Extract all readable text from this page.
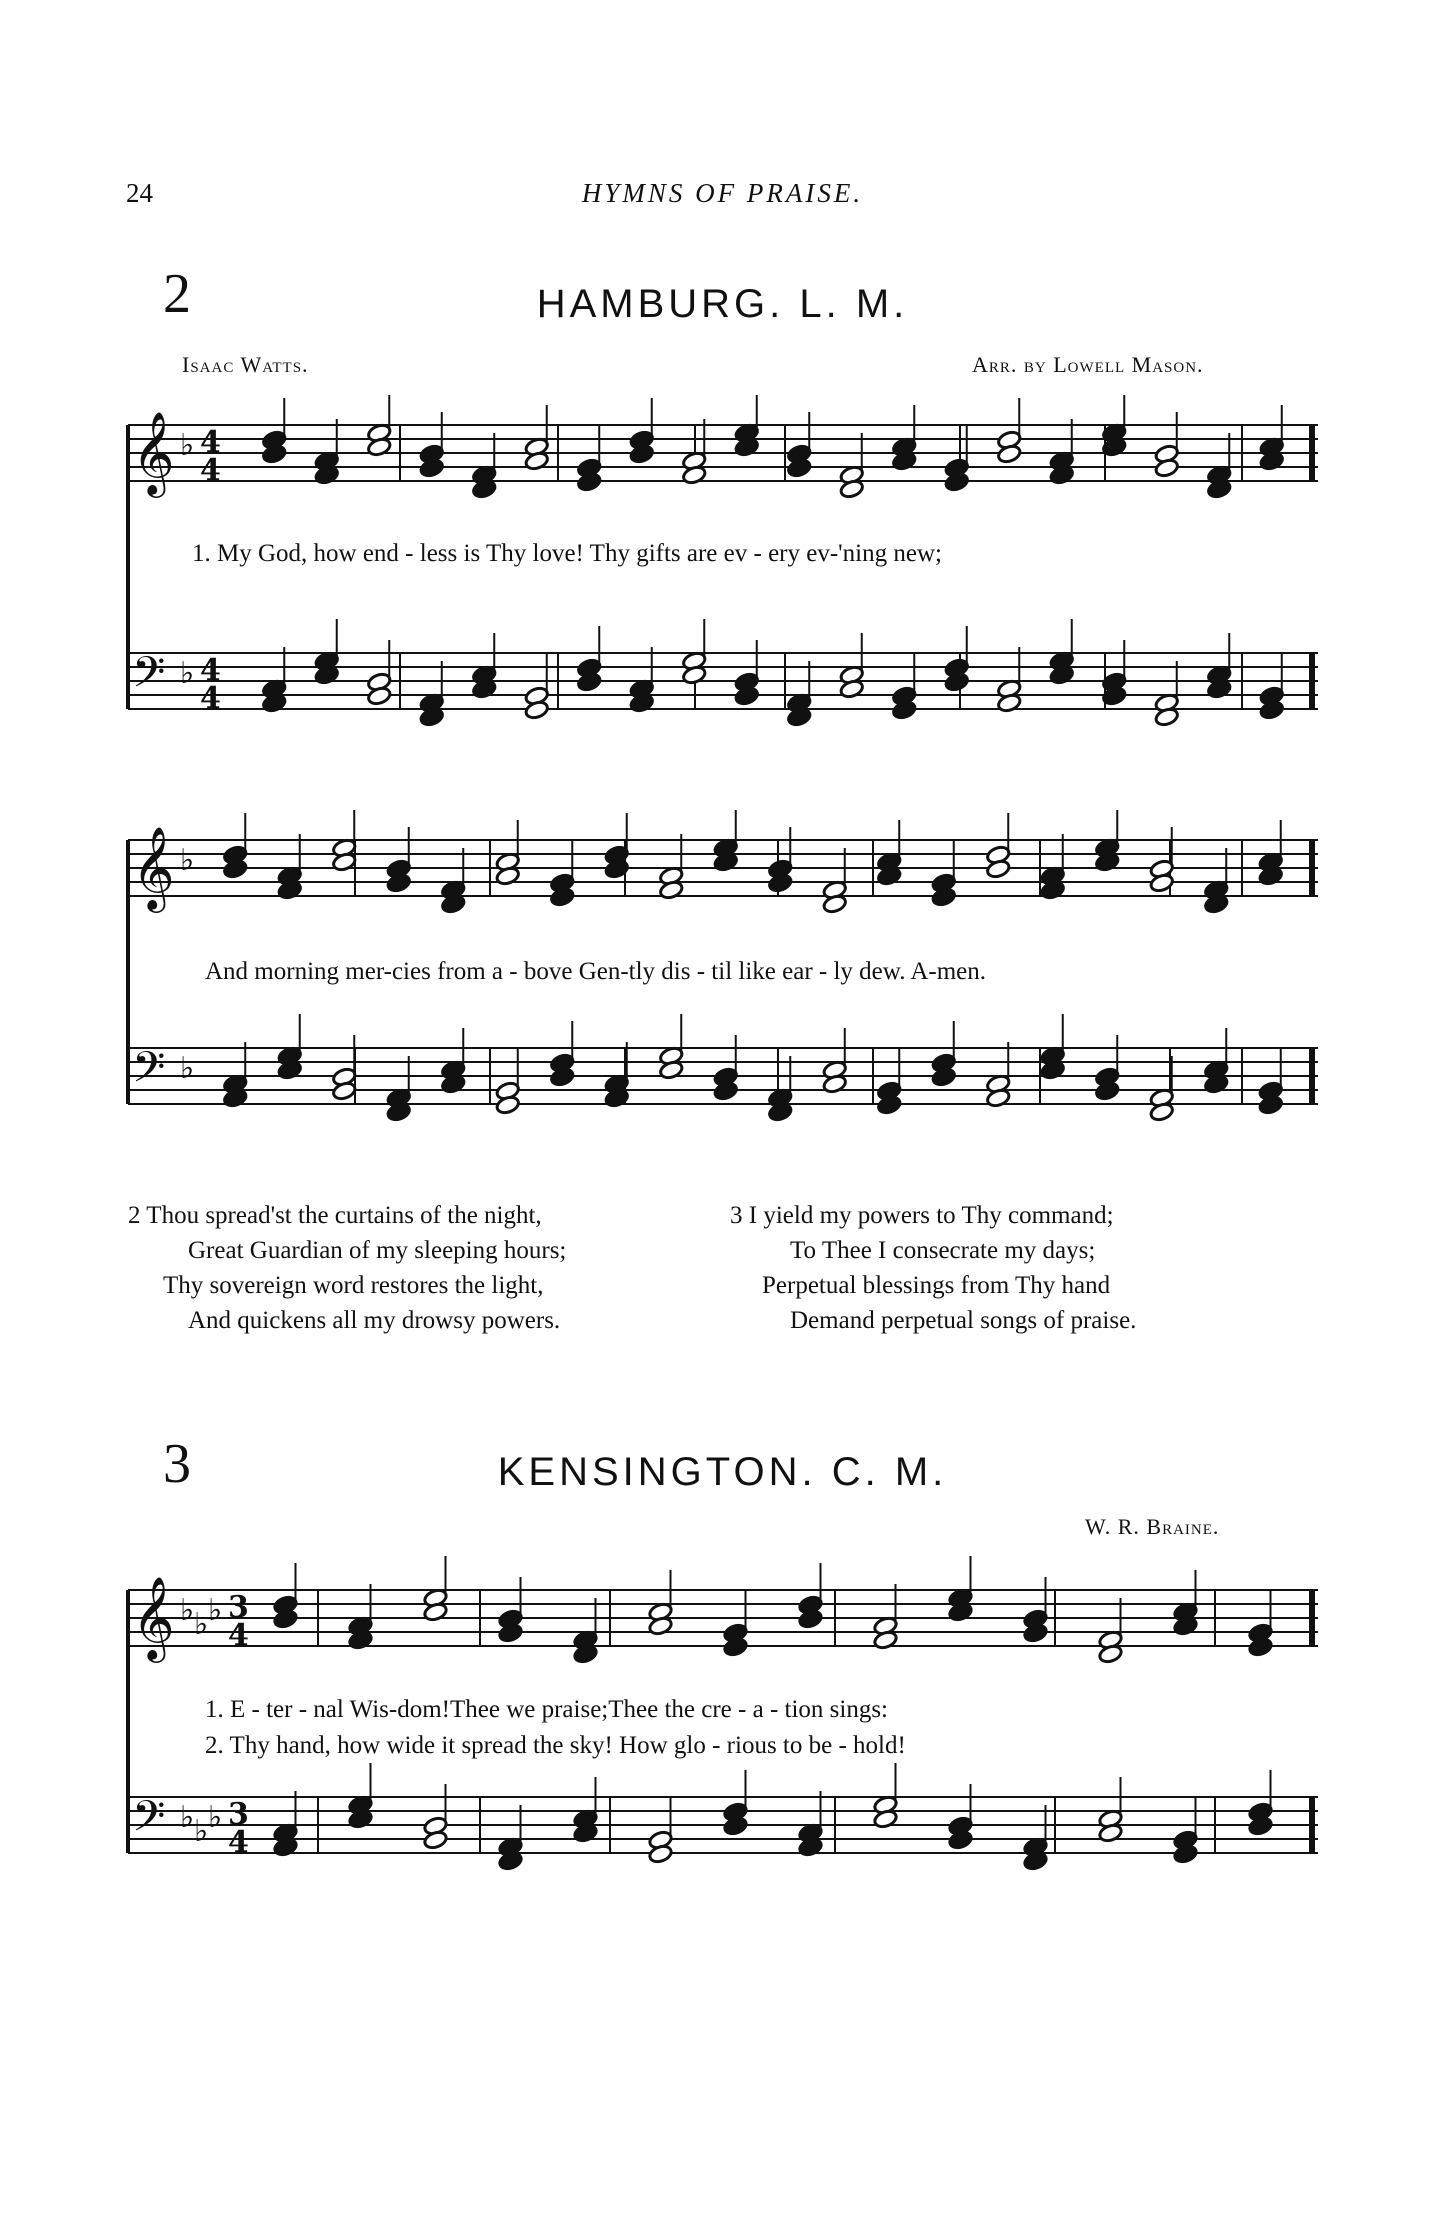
24	HYMNS OF PRAISE.
2	HAMBURG. L. M.
Isaac Watts.	Arr. by Lowell Mason.
𝄞 ♭ 4
4
𝄢 ♭ 4
4
1. My God, how end - less is Thy love! Thy gifts are ev - ery ev-'ning new;
𝄞 ♭
𝄢 ♭
And morning mer-cies from a - bove Gen-tly dis - til like ear - ly dew. A-men.
2 Thou spread'st the curtains of the night,
Great Guardian of my sleeping hours;
Thy sovereign word restores the light,
And quickens all my drowsy powers.
3 I yield my powers to Thy command;
To Thee I consecrate my days;
Perpetual blessings from Thy hand
Demand perpetual songs of praise.
3	KENSINGTON. C. M.
W. R. Braine.
𝄞 ♭ ♭ ♭ 3
4
𝄢 ♭ ♭ ♭ 3
4
1. E - ter - nal Wis-dom!Thee we praise;Thee the cre - a - tion sings:
2. Thy hand, how wide it spread the sky! How glo - rious to be - hold!
